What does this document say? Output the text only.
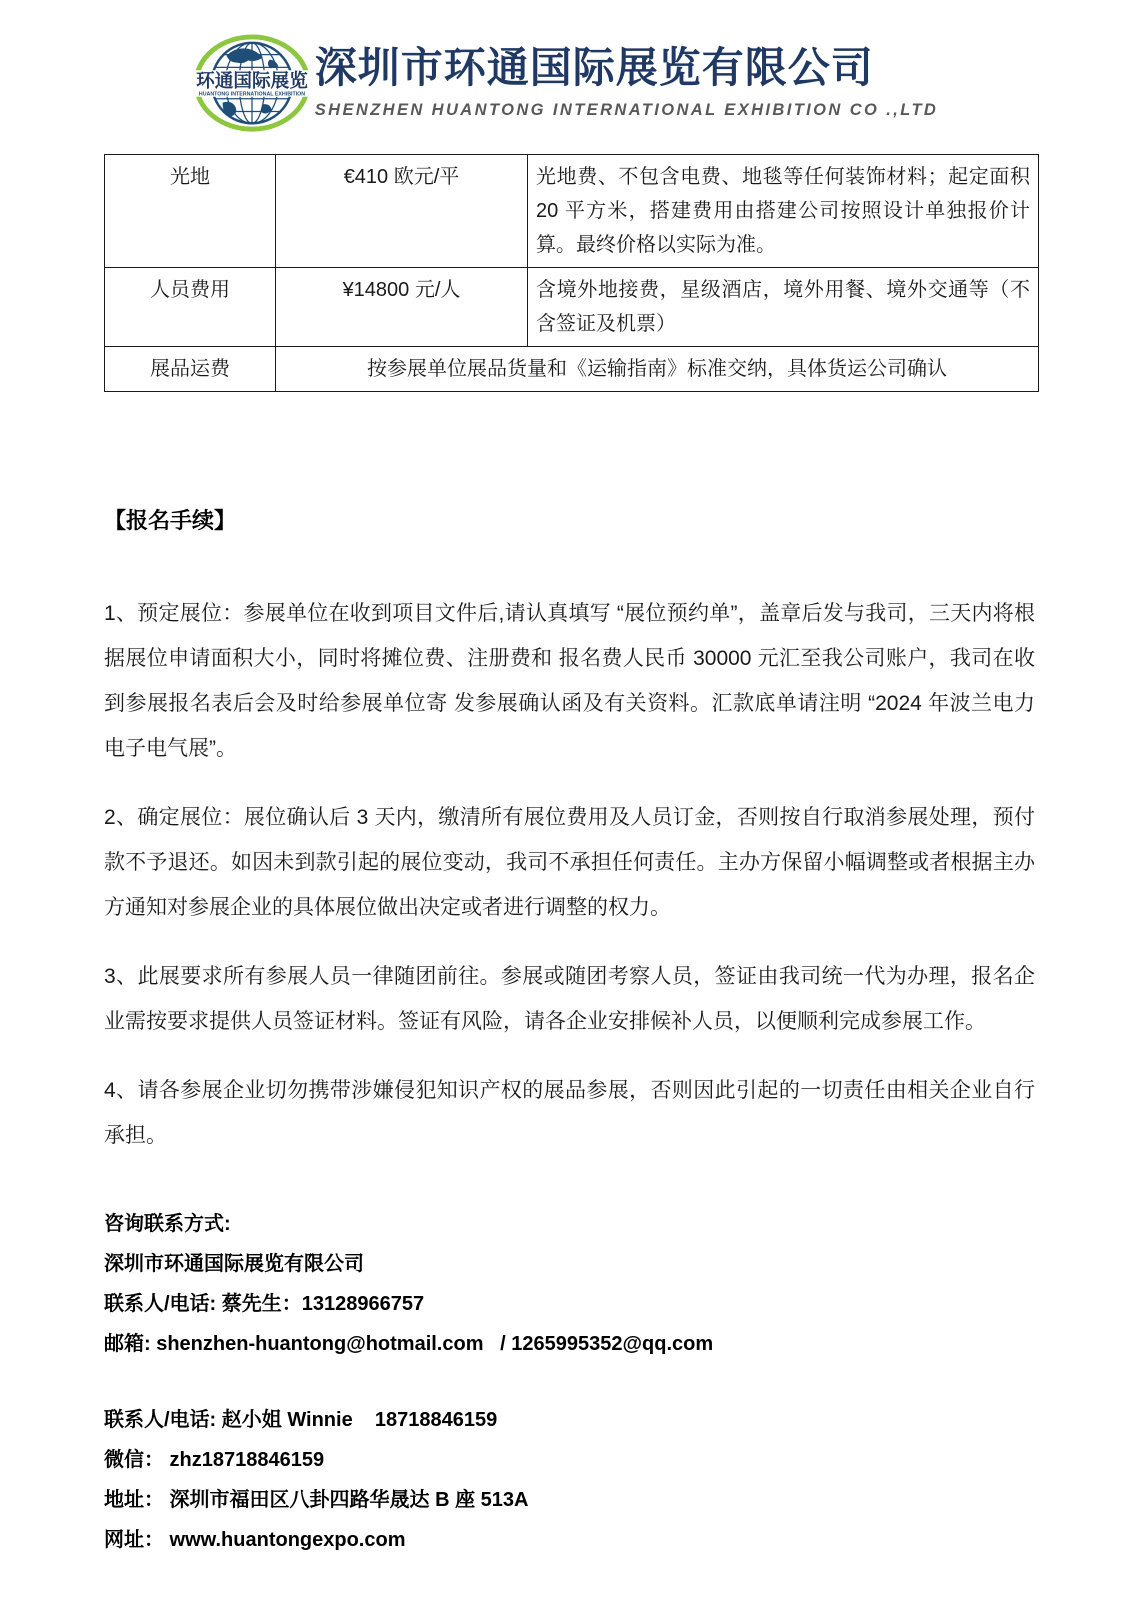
环通国际展览
HUANTONG INTERNATIONAL EXHIBITION
深圳市环通国际展览有限公司
SHENZHEN HUANTONG INTERNATIONAL EXHIBITION CO .,LTD
光地	€410 欧元/平	光地费、不包含电费、地毯等任何装饰材料；起定面积 20 平方米，搭建费用由搭建公司按照设计单独报价计算。最终价格以实际为准。
人员费用	¥14800 元/人	含境外地接费，星级酒店，境外用餐、境外交通等（不含签证及机票）
展品运费	按参展单位展品货量和《运输指南》标准交纳，具体货运公司确认	
【报名手续】

1、预定展位：参展单位在收到项目文件后,请认真填写 “展位预约单”，盖章后发与我司，三天内将根据展位申请面积大小，同时将摊位费、注册费和 报名费人民币 30000 元汇至我公司账户，我司在收到参展报名表后会及时给参展单位寄 发参展确认函及有关资料。汇款底单请注明 “2024 年波兰电力电子电气展”。

2、确定展位：展位确认后 3 天内，缴清所有展位费用及人员订金，否则按自行取消参展处理，预付款不予退还。如因未到款引起的展位变动，我司不承担任何责任。主办方保留小幅调整或者根据主办方通知对参展企业的具体展位做出决定或者进行调整的权力。

3、此展要求所有参展人员一律随团前往。参展或随团考察人员，签证由我司统一代为办理，报名企业需按要求提供人员签证材料。签证有风险，请各企业安排候补人员，以便顺利完成参展工作。

4、请各参展企业切勿携带涉嫌侵犯知识产权的展品参展，否则因此引起的一切责任由相关企业自行承担。

咨询联系方式:
深圳市环通国际展览有限公司
联系人/电话: 蔡先生：13128966757
邮箱: shenzhen-huantong@hotmail.com   / 1265995352@qq.com
联系人/电话: 赵小姐 Winnie    18718846159
微信： zhz18718846159
地址： 深圳市福田区八卦四路华晟达 B 座 513A
网址： www.huantongexpo.com
